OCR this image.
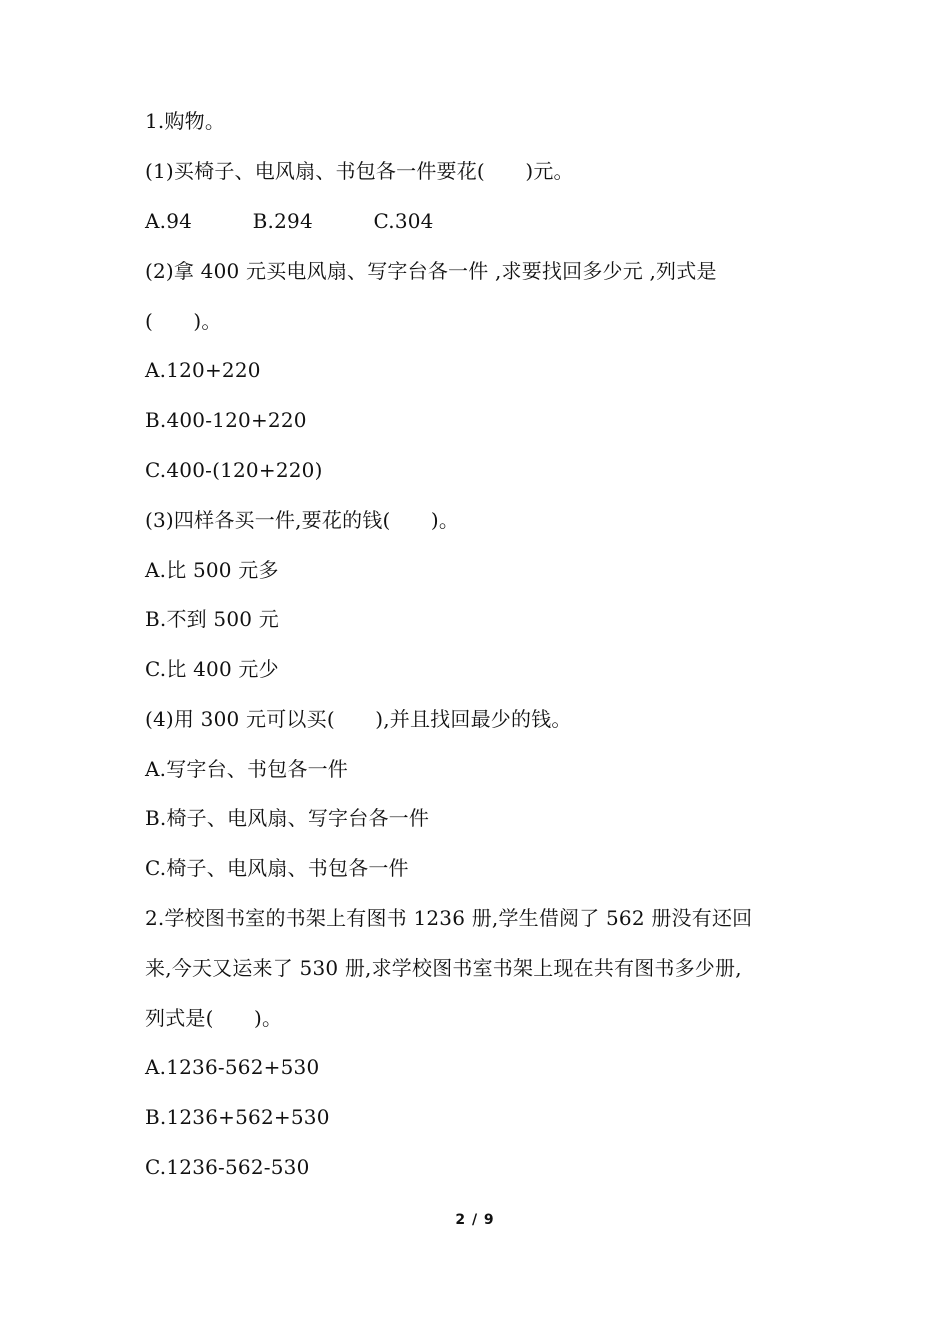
1.购物。
(1)买椅子、电风扇、书包各一件要花(　　)元。
A.94　　　B.294　　　C.304
(2)拿 400 元买电风扇、写字台各一件 ,求要找回多少元 ,列式是
(　　)。
A.120+220
B.400-120+220
C.400-(120+220)
(3)四样各买一件,要花的钱(　　)。
A.比 500 元多
B.不到 500 元
C.比 400 元少
(4)用 300 元可以买(　　),并且找回最少的钱。
A.写字台、书包各一件
B.椅子、电风扇、写字台各一件
C.椅子、电风扇、书包各一件
2.学校图书室的书架上有图书 1236 册,学生借阅了 562 册没有还回
来,今天又运来了 530 册,求学校图书室书架上现在共有图书多少册,
列式是(　　)。
A.1236-562+530
B.1236+562+530
C.1236-562-530
2 / 9
